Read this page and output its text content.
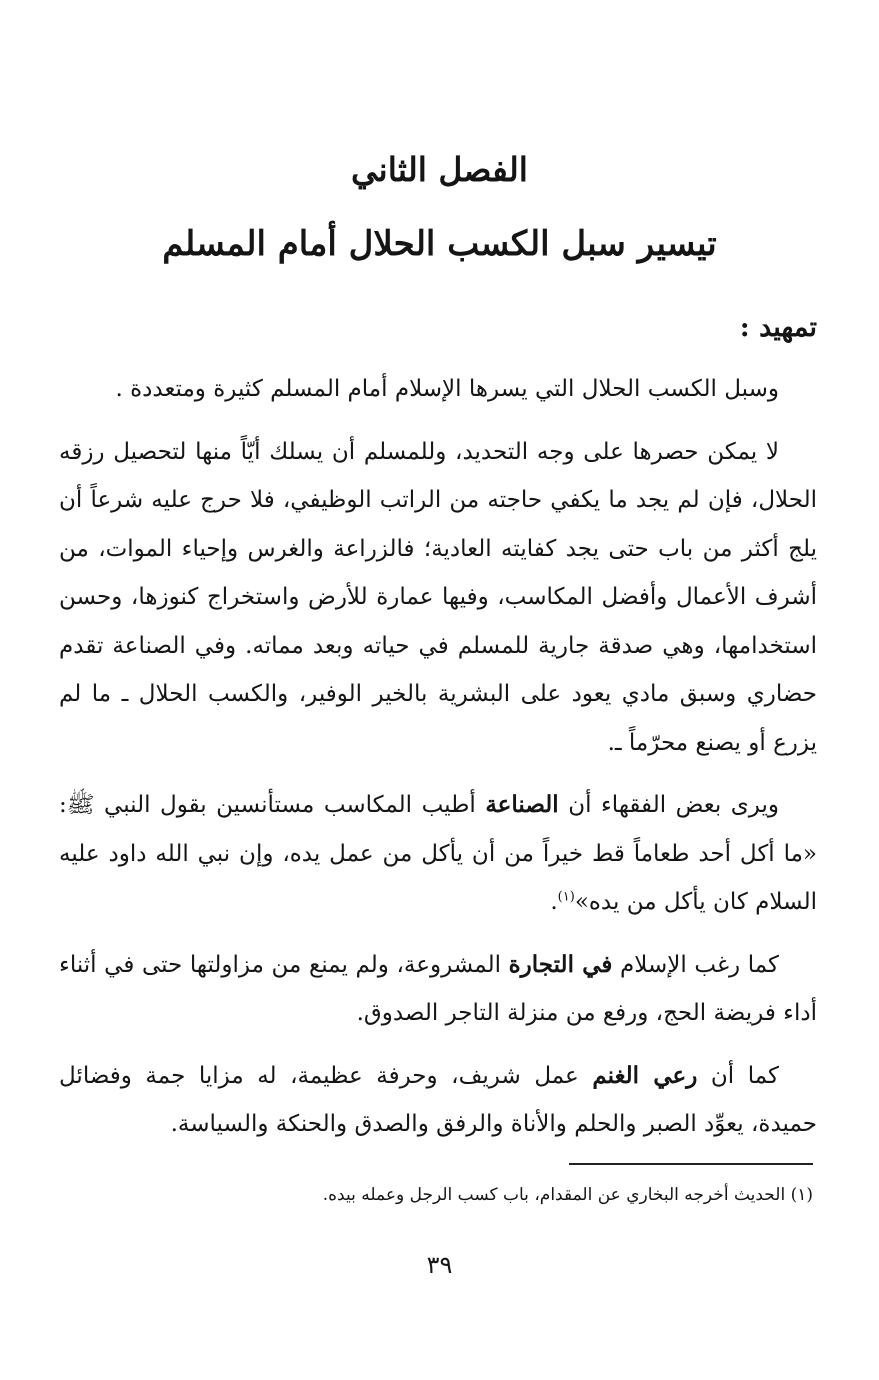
الفصل الثاني
تيسير سبل الكسب الحلال أمام المسلم
تمهيد :

وسبل الكسب الحلال التي يسرها الإسلام أمام المسلم كثيرة ومتعددة .

لا يمكن حصرها على وجه التحديد، وللمسلم أن يسلك أيّاً منها لتحصيل رزقه الحلال، فإن لم يجد ما يكفي حاجته من الراتب الوظيفي، فلا حرج عليه شرعاً أن يلج أكثر من باب حتى يجد كفايته العادية؛ فالزراعة والغرس وإحياء الموات، من أشرف الأعمال وأفضل المكاسب، وفيها عمارة للأرض واستخراج كنوزها، وحسن استخدامها، وهي صدقة جارية للمسلم في حياته وبعد مماته. وفي الصناعة تقدم حضاري وسبق مادي يعود على البشرية بالخير الوفير، والكسب الحلال ـ ما لم يزرع أو يصنع محرّماً ـ.

ويرى بعض الفقهاء أن الصناعة أطيب المكاسب مستأنسين بقول النبي ﷺ: «ما أكل أحد طعاماً قط خيراً من أن يأكل من عمل يده، وإن نبي الله داود عليه السلام كان يأكل من يده»$^{(١)}$.

كما رغب الإسلام في التجارة المشروعة، ولم يمنع من مزاولتها حتى في أثناء أداء فريضة الحج، ورفع من منزلة التاجر الصدوق.

كما أن رعي الغنم عمل شريف، وحرفة عظيمة، له مزايا جمة وفضائل حميدة، يعوِّد الصبر والحلم والأناة والرفق والصدق والحنكة والسياسة.

(١) الحديث أخرجه البخاري عن المقدام، باب كسب الرجل وعمله بيده.

٣٩
